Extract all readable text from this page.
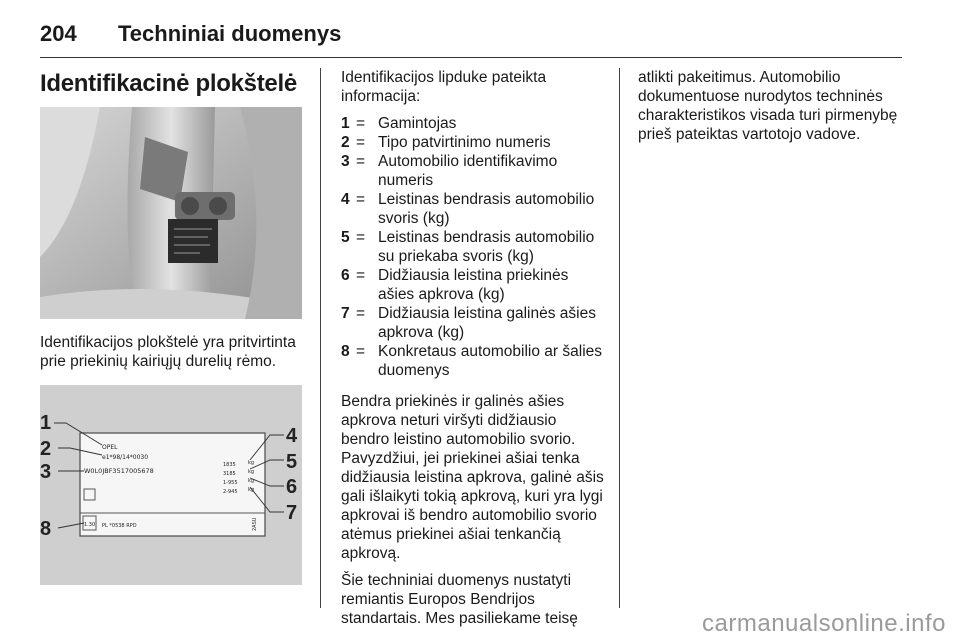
204	Techniniai duomenys
Identifikacinė plokštelė

Identifikacijos plokštelė yra pritvirtinta prie priekinių kairiųjų durelių rėmo.

OPEL
e1*98/14*0030
W0L0JBF3517005678
1835
3185
1-955
2-945
kg
kg
kg
kg
1.30 PL *0538 RPD	2ASU
1
2
3
4
5
6
7
8

Identifikacijos lipduke pateikta informacija:

1 = Gamintojas
2 = Tipo patvirtinimo numeris
3 = Automobilio identifikavimo numeris
4 = Leistinas bendrasis automobilio svoris (kg)
5 = Leistinas bendrasis automobilio su priekaba svoris (kg)
6 = Didžiausia leistina priekinės ašies apkrova (kg)
7 = Didžiausia leistina galinės ašies apkrova (kg)
8 = Konkretaus automobilio ar šalies duomenys

Bendra priekinės ir galinės ašies apkrova neturi viršyti didžiausio bendro leistino automobilio svorio. Pavyzdžiui, jei priekinei ašiai tenka didžiausia leistina apkrova, galinė ašis gali išlaikyti tokią apkrovą, kuri yra lygi apkrovai iš bendro automobilio svorio atėmus priekinei ašiai tenkančią apkrovą.

Šie techniniai duomenys nustatyti remiantis Europos Bendrijos standartais. Mes pasiliekame teisę

atlikti pakeitimus. Automobilio dokumentuose nurodytos techninės charakteristikos visada turi pirmenybę prieš pateiktas vartotojo vadove.

carmanualsonline.info
